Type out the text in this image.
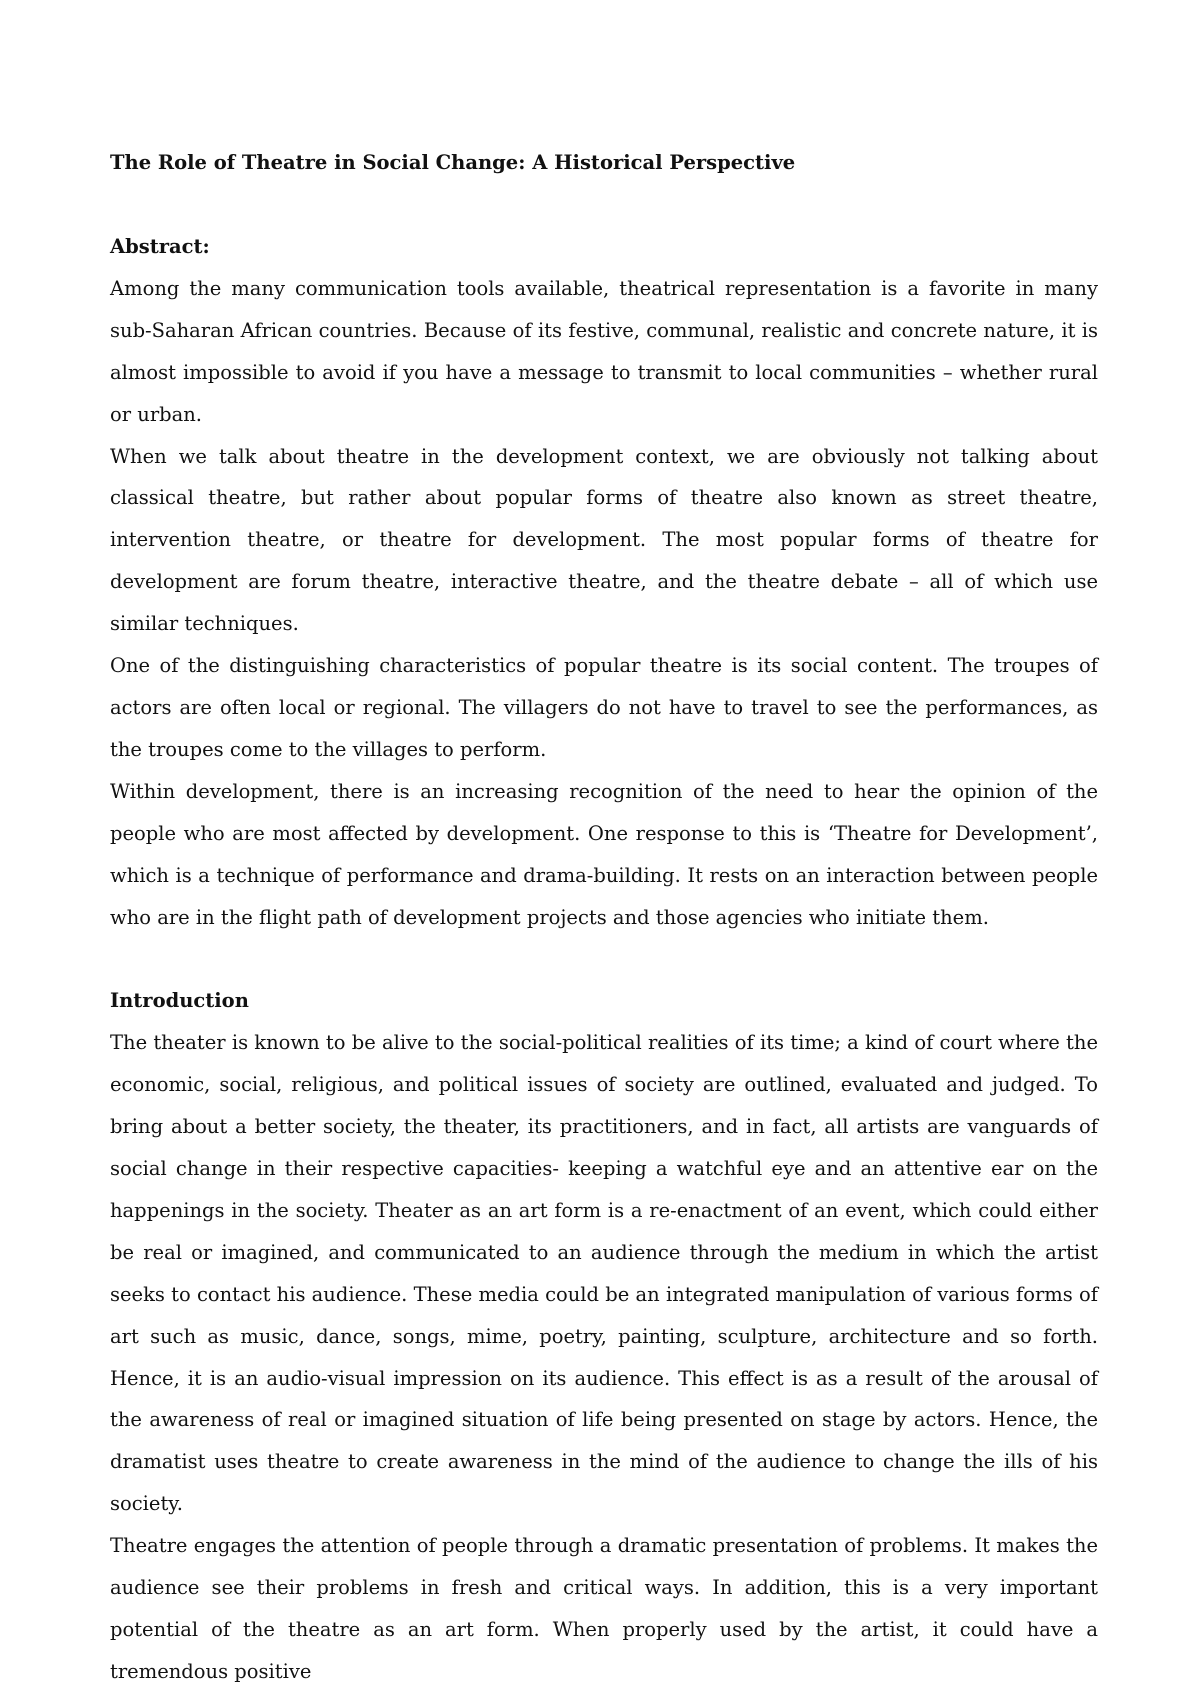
The Role of Theatre in Social Change: A Historical Perspective
Abstract:

Among the many communication tools available, theatrical representation is a favorite in many sub-Saharan African countries. Because of its festive, communal, realistic and concrete nature, it is almost impossible to avoid if you have a message to transmit to local communities – whether rural or urban.

When we talk about theatre in the development context, we are obviously not talking about classical theatre, but rather about popular forms of theatre also known as street theatre, intervention theatre, or theatre for development. The most popular forms of theatre for development are forum theatre, interactive theatre, and the theatre debate – all of which use similar techniques.

One of the distinguishing characteristics of popular theatre is its social content. The troupes of actors are often local or regional. The villagers do not have to travel to see the performances, as the troupes come to the villages to perform.

Within development, there is an increasing recognition of the need to hear the opinion of the people who are most affected by development. One response to this is ‘Theatre for Development’, which is a technique of performance and drama-building. It rests on an interaction between people who are in the flight path of development projects and those agencies who initiate them.

Introduction

The theater is known to be alive to the social-political realities of its time; a kind of court where the economic, social, religious, and political issues of society are outlined, evaluated and judged. To bring about a better society, the theater, its practitioners, and in fact, all artists are vanguards of social change in their respective capacities- keeping a watchful eye and an attentive ear on the happenings in the society. Theater as an art form is a re-enactment of an event, which could either be real or imagined, and communicated to an audience through the medium in which the artist seeks to contact his audience. These media could be an integrated manipulation of various forms of art such as music, dance, songs, mime, poetry, painting, sculpture, architecture and so forth. Hence, it is an audio-visual impression on its audience. This effect is as a result of the arousal of the awareness of real or imagined situation of life being presented on stage by actors. Hence, the dramatist uses theatre to create awareness in the mind of the audience to change the ills of his society.

Theatre engages the attention of people through a dramatic presentation of problems. It makes the audience see their problems in fresh and critical ways. In addition, this is a very important potential of the theatre as an art form. When properly used by the artist, it could have a tremendous positive
